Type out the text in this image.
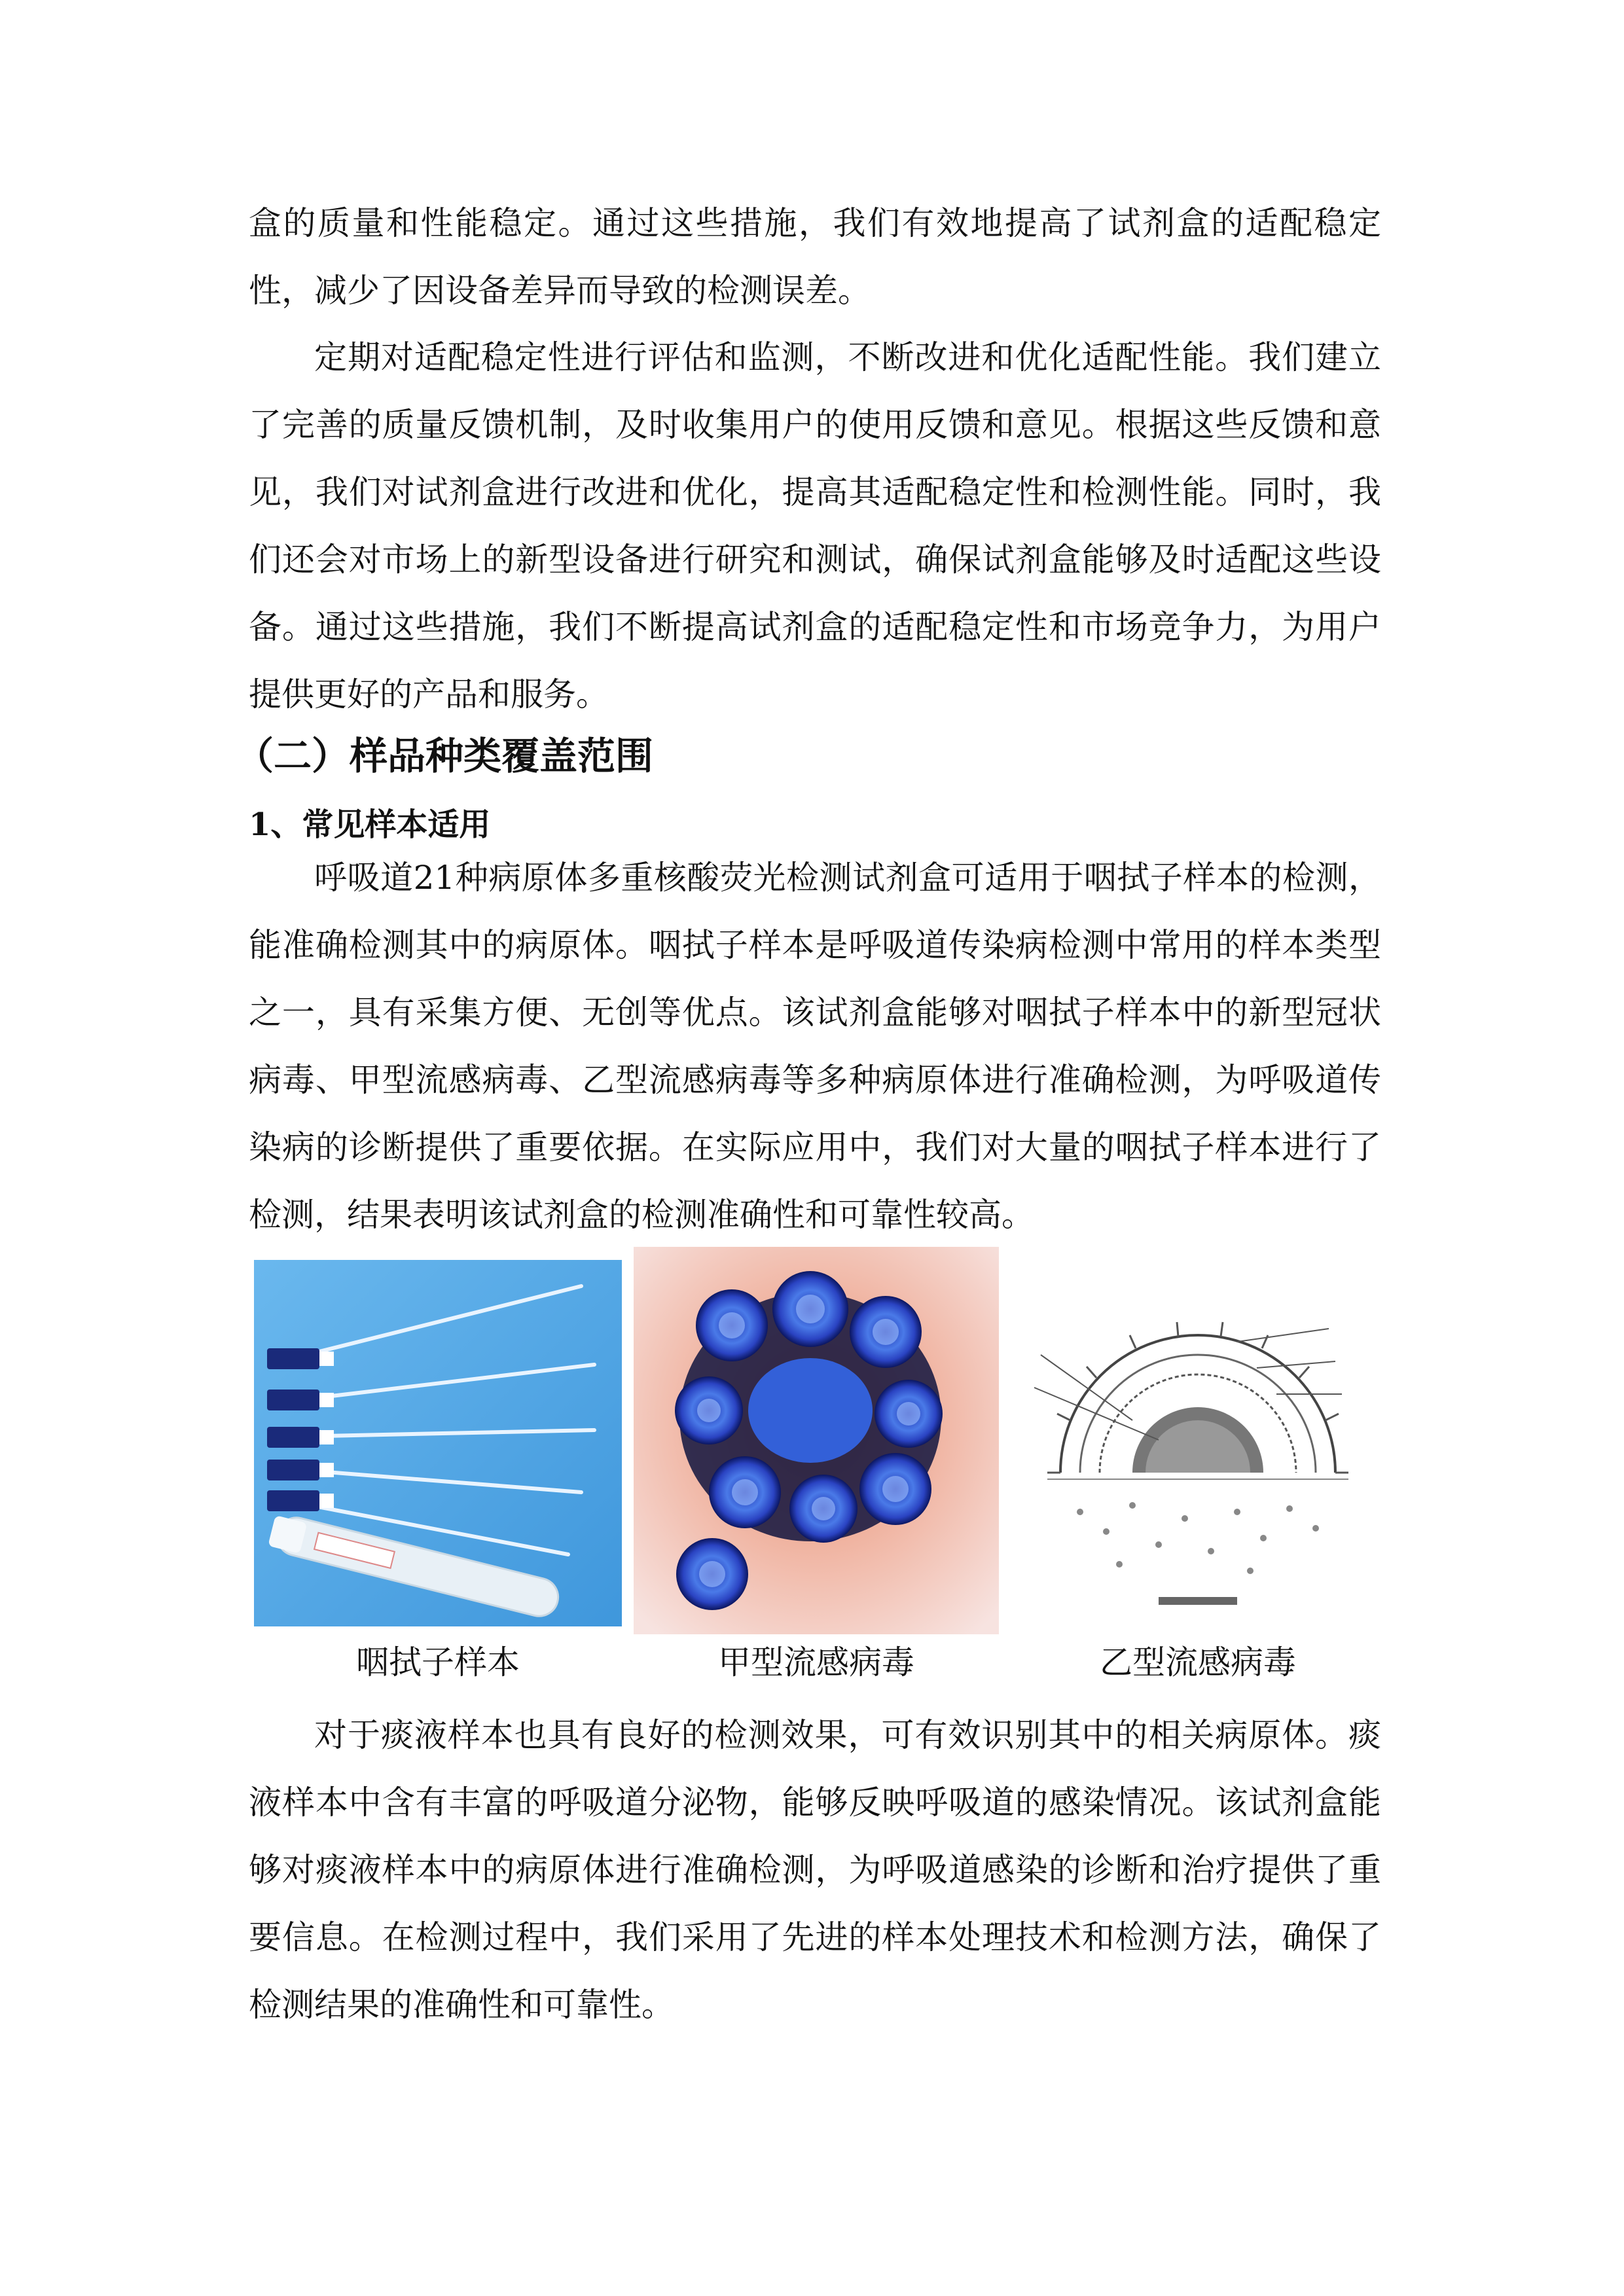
盒的质量和性能稳定。通过这些措施，我们有效地提高了试剂盒的适配稳定性，减少了因设备差异而导致的检测误差。

定期对适配稳定性进行评估和监测，不断改进和优化适配性能。我们建立了完善的质量反馈机制，及时收集用户的使用反馈和意见。根据这些反馈和意见，我们对试剂盒进行改进和优化，提高其适配稳定性和检测性能。同时，我们还会对市场上的新型设备进行研究和测试，确保试剂盒能够及时适配这些设备。通过这些措施，我们不断提高试剂盒的适配稳定性和市场竞争力，为用户提供更好的产品和服务。

（二）样品种类覆盖范围
1、常见样本适用

呼吸道21种病原体多重核酸荧光检测试剂盒可适用于咽拭子样本的检测，能准确检测其中的病原体。咽拭子样本是呼吸道传染病检测中常用的样本类型之一，具有采集方便、无创等优点。该试剂盒能够对咽拭子样本中的新型冠状病毒、甲型流感病毒、乙型流感病毒等多种病原体进行准确检测，为呼吸道传染病的诊断提供了重要依据。在实际应用中，我们对大量的咽拭子样本进行了检测，结果表明该试剂盒的检测准确性和可靠性较高。

咽拭子样本	甲型流感病毒	乙型流感病毒

对于痰液样本也具有良好的检测效果，可有效识别其中的相关病原体。痰液样本中含有丰富的呼吸道分泌物，能够反映呼吸道的感染情况。该试剂盒能够对痰液样本中的病原体进行准确检测，为呼吸道感染的诊断和治疗提供了重要信息。在检测过程中，我们采用了先进的样本处理技术和检测方法，确保了检测结果的准确性和可靠性。
